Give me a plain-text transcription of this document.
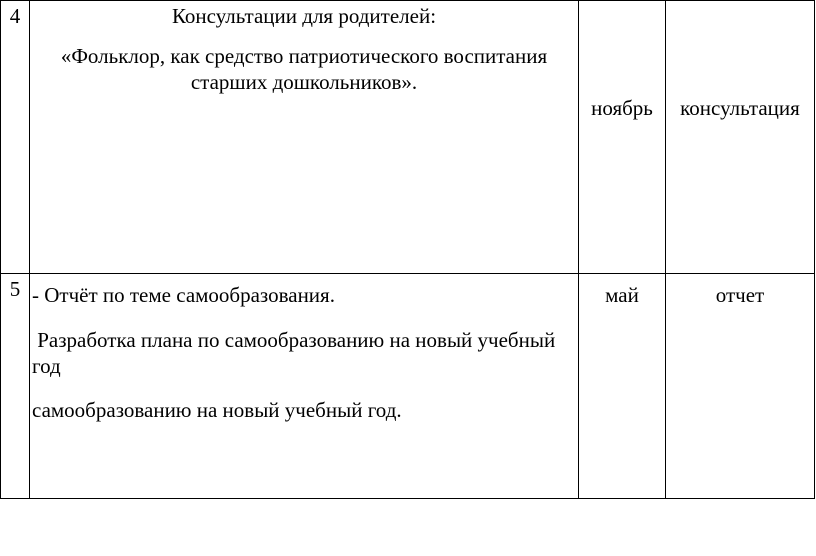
4	Консультации для родителей:

«Фольклор, как средство патриотического воспитания старших дошкольников».	ноябрь	консультация

5	- Отчёт по теме самообразования.

Разработка плана по самообразованию на новый учебный год

самообразованию на новый учебный год.	май	отчет
